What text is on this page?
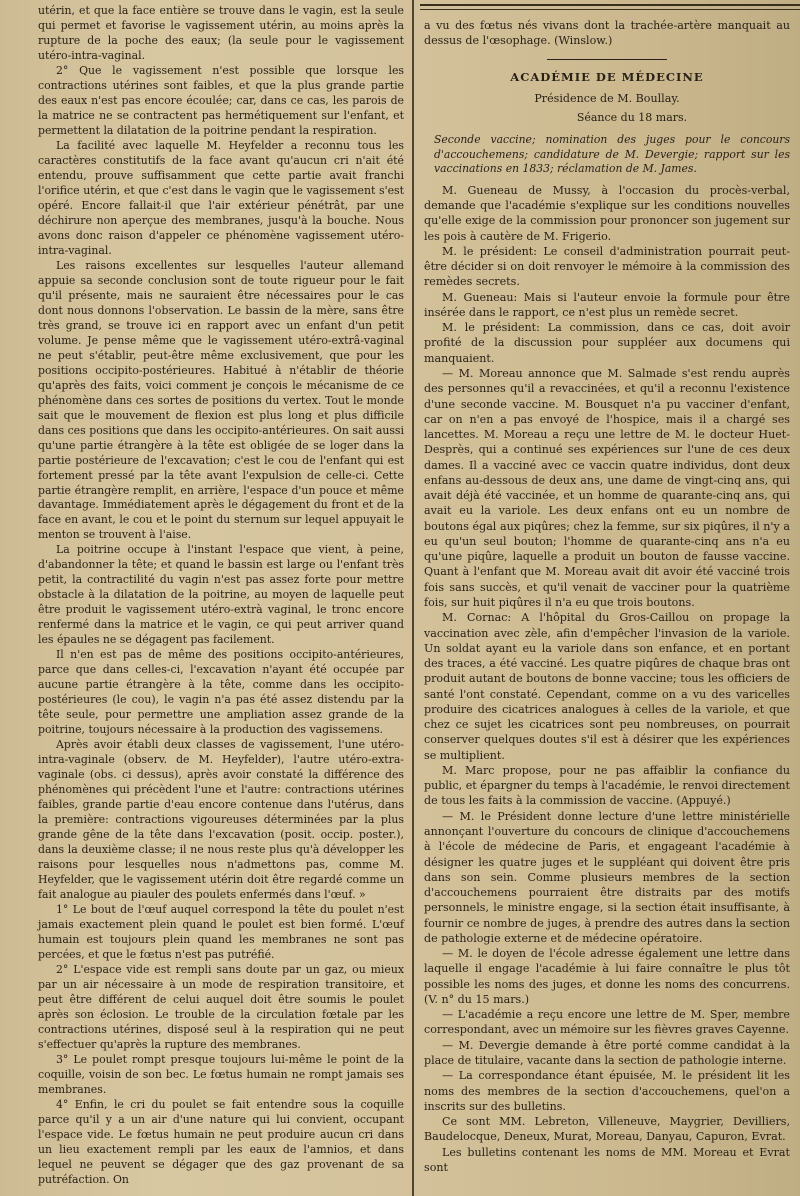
utérin, et que la face entière se trouve dans le vagin, est la seule qui permet et favorise le vagissement utérin, au moins après la rupture de la poche des eaux; (la seule pour le vagissement utéro-intra-vaginal.

2° Que le vagissement n'est possible que lorsque les contractions utérines sont faibles, et que la plus grande partie des eaux n'est pas encore écoulée; car, dans ce cas, les parois de la matrice ne se contractent pas hermétiquement sur l'enfant, et permettent la dilatation de la poitrine pendant la respiration.

La facilité avec laquelle M. Heyfelder a reconnu tous les caractères constitutifs de la face avant qu'aucun cri n'ait été entendu, prouve suffisamment que cette partie avait franchi l'orifice utérin, et que c'est dans le vagin que le vagissement s'est opéré. Encore fallait-il que l'air extérieur pénétrât, par une déchirure non aperçue des membranes, jusqu'à la bouche. Nous avons donc raison d'appeler ce phénomène vagissement utéro-intra-vaginal.

Les raisons excellentes sur lesquelles l'auteur allemand appuie sa seconde conclusion sont de toute rigueur pour le fait qu'il présente, mais ne sauraient être nécessaires pour le cas dont nous donnons l'observation. Le bassin de la mère, sans être très grand, se trouve ici en rapport avec un enfant d'un petit volume. Je pense même que le vagissement utéro-extrâ-vaginal ne peut s'établir, peut-être même exclusivement, que pour les positions occipito-postérieures. Habitué à n'établir de théorie qu'après des faits, voici comment je conçois le mécanisme de ce phénomène dans ces sortes de positions du vertex. Tout le monde sait que le mouvement de flexion est plus long et plus difficile dans ces positions que dans les occipito-antérieures. On sait aussi qu'une partie étrangère à la tête est obligée de se loger dans la partie postérieure de l'excavation; c'est le cou de l'enfant qui est fortement pressé par la tête avant l'expulsion de celle-ci. Cette partie étrangère remplit, en arrière, l'espace d'un pouce et même davantage. Immédiatement après le dégagement du front et de la face en avant, le cou et le point du sternum sur lequel appuyait le menton se trouvent à l'aise.

La poitrine occupe à l'instant l'espace que vient, à peine, d'abandonner la tête; et quand le bassin est large ou l'enfant très petit, la contractilité du vagin n'est pas assez forte pour mettre obstacle à la dilatation de la poitrine, au moyen de laquelle peut être produit le vagissement utéro-extrà vaginal, le tronc encore renfermé dans la matrice et le vagin, ce qui peut arriver quand les épaules ne se dégagent pas facilement.

Il n'en est pas de même des positions occipito-antérieures, parce que dans celles-ci, l'excavation n'ayant été occupée par aucune partie étrangère à la tête, comme dans les occipito-postérieures (le cou), le vagin n'a pas été assez distendu par la tête seule, pour permettre une ampliation assez grande de la poitrine, toujours nécessaire à la production des vagissemens.

Après avoir établi deux classes de vagissement, l'une utéro-intra-vaginale (observ. de M. Heyfelder), l'autre utéro-extra-vaginale (obs. ci dessus), après avoir constaté la différence des phénomènes qui précèdent l'une et l'autre: contractions utérines faibles, grande partie d'eau encore contenue dans l'utérus, dans la première: contractions vigoureuses déterminées par la plus grande gêne de la tête dans l'excavation (posit. occip. poster.), dans la deuxième classe; il ne nous reste plus qu'à développer les raisons pour lesquelles nous n'admettons pas, comme M. Heyfelder, que le vagissement utérin doit être regardé comme un fait analogue au piauler des poulets enfermés dans l'œuf. »

1° Le bout de l'œuf auquel correspond la tête du poulet n'est jamais exactement plein quand le poulet est bien formé. L'œuf humain est toujours plein quand les membranes ne sont pas percées, et que le fœtus n'est pas putréfié.

2° L'espace vide est rempli sans doute par un gaz, ou mieux par un air nécessaire à un mode de respiration transitoire, et peut être différent de celui auquel doit être soumis le poulet après son éclosion. Le trouble de la circulation fœtale par les contractions utérines, disposé seul à la respiration qui ne peut s'effectuer qu'après la rupture des membranes.

3° Le poulet rompt presque toujours lui-même le point de la coquille, voisin de son bec. Le fœtus humain ne rompt jamais ses membranes.

4° Enfin, le cri du poulet se fait entendre sous la coquille parce qu'il y a un air d'une nature qui lui convient, occupant l'espace vide. Le fœtus humain ne peut produire aucun cri dans un lieu exactement rempli par les eaux de l'amnios, et dans lequel ne peuvent se dégager que des gaz provenant de sa putréfaction. On

a vu des fœtus nés vivans dont la trachée-artère manquait au dessus de l'œsophage. (Winslow.)

ACADÉMIE DE MÉDECINE

Présidence de M. Boullay.

Séance du 18 mars.

Seconde vaccine; nomination des juges pour le concours d'accouchemens; candidature de M. Devergie; rapport sur les vaccinations en 1833; réclamation de M. James.

M. Gueneau de Mussy, à l'occasion du procès-verbal, demande que l'académie s'explique sur les conditions nouvelles qu'elle exige de la commission pour prononcer son jugement sur les pois à cautère de M. Frigerio.

M. le président: Le conseil d'administration pourrait peut-être décider si on doit renvoyer le mémoire à la commission des remèdes secrets.

M. Gueneau: Mais si l'auteur envoie la formule pour être insérée dans le rapport, ce n'est plus un remède secret.

M. le président: La commission, dans ce cas, doit avoir profité de la discussion pour suppléer aux documens qui manquaient.

— M. Moreau annonce que M. Salmade s'est rendu auprès des personnes qu'il a revaccinées, et qu'il a reconnu l'existence d'une seconde vaccine. M. Bousquet n'a pu vacciner d'enfant, car on n'en a pas envoyé de l'hospice, mais il a chargé ses lancettes. M. Moreau a reçu une lettre de M. le docteur Huet-Desprès, qui a continué ses expériences sur l'une de ces deux dames. Il a vacciné avec ce vaccin quatre individus, dont deux enfans au-dessous de deux ans, une dame de vingt-cinq ans, qui avait déjà été vaccinée, et un homme de quarante-cinq ans, qui avait eu la variole. Les deux enfans ont eu un nombre de boutons égal aux piqûres; chez la femme, sur six piqûres, il n'y a eu qu'un seul bouton; l'homme de quarante-cinq ans n'a eu qu'une piqûre, laquelle a produit un bouton de fausse vaccine. Quant à l'enfant que M. Moreau avait dit avoir été vacciné trois fois sans succès, et qu'il venait de vacciner pour la quatrième fois, sur huit piqûres il n'a eu que trois boutons.

M. Cornac: A l'hôpital du Gros-Caillou on propage la vaccination avec zèle, afin d'empêcher l'invasion de la variole. Un soldat ayant eu la variole dans son enfance, et en portant des traces, a été vacciné. Les quatre piqûres de chaque bras ont produit autant de boutons de bonne vaccine; tous les officiers de santé l'ont constaté. Cependant, comme on a vu des varicelles produire des cicatrices analogues à celles de la variole, et que chez ce sujet les cicatrices sont peu nombreuses, on pourrait conserver quelques doutes s'il est à désirer que les expériences se multiplient.

M. Marc propose, pour ne pas affaiblir la confiance du public, et épargner du temps à l'académie, le renvoi directement de tous les faits à la commission de vaccine. (Appuyé.)

— M. le Président donne lecture d'une lettre ministérielle annonçant l'ouverture du concours de clinique d'accouchemens à l'école de médecine de Paris, et engageant l'académie à désigner les quatre juges et le suppléant qui doivent être pris dans son sein. Comme plusieurs membres de la section d'accouchemens pourraient être distraits par des motifs personnels, le ministre engage, si la section était insuffisante, à fournir ce nombre de juges, à prendre des autres dans la section de pathologie externe et de médecine opératoire.

— M. le doyen de l'école adresse également une lettre dans laquelle il engage l'académie à lui faire connaître le plus tôt possible les noms des juges, et donne les noms des concurrens. (V. n° du 15 mars.)

— L'académie a reçu encore une lettre de M. Sper, membre correspondant, avec un mémoire sur les fièvres graves Cayenne.

— M. Devergie demande à être porté comme candidat à la place de titulaire, vacante dans la section de pathologie interne.

— La correspondance étant épuisée, M. le président lit les noms des membres de la section d'accouchemens, quel'on a inscrits sur des bulletins.

Ce sont MM. Lebreton, Villeneuve, Maygrier, Devilliers, Baudelocque, Deneux, Murat, Moreau, Danyau, Capuron, Evrat.

Les bulletins contenant les noms de MM. Moreau et Evrat sont
